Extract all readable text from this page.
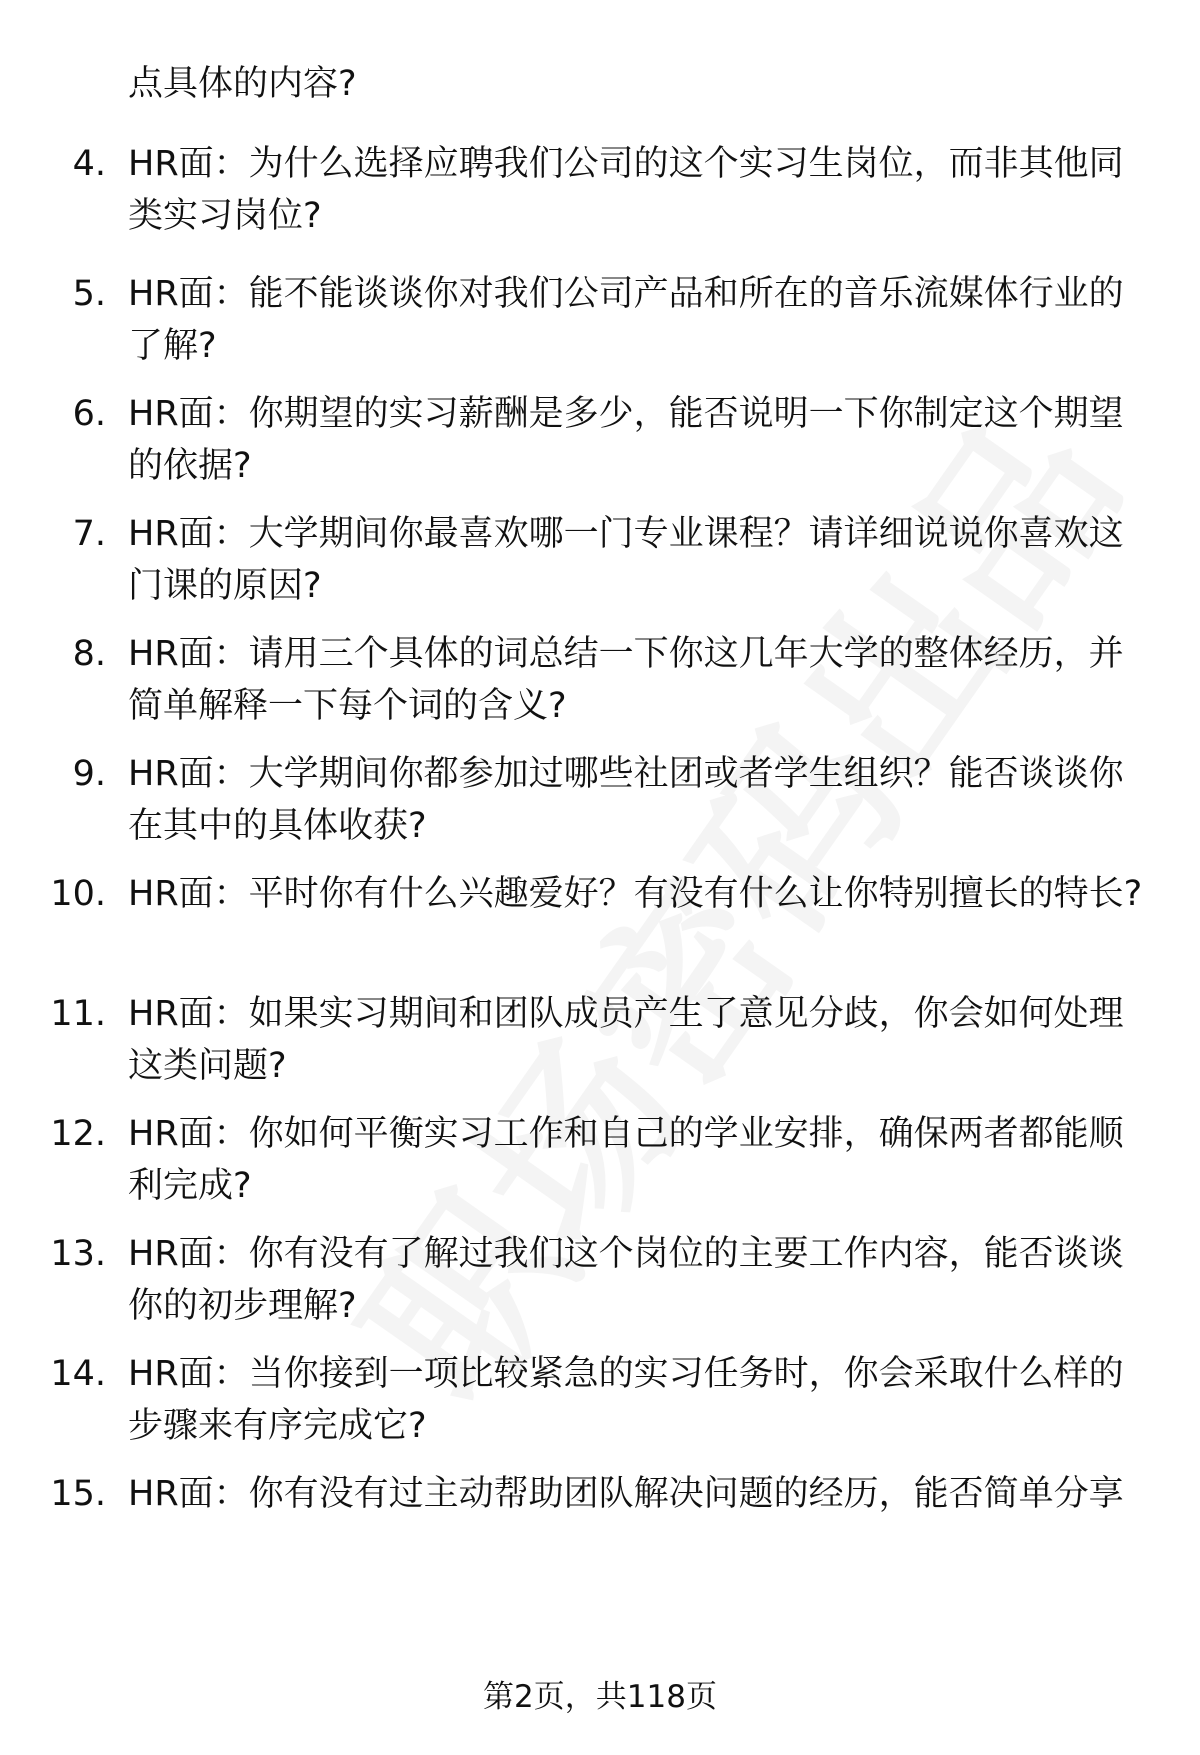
点具体的内容?
4. HR面：为什么选择应聘我们公司的这个实习生岗位，而非其他同类实习岗位?
5. HR面：能不能谈谈你对我们公司产品和所在的音乐流媒体行业的了解?
6. HR面：你期望的实习薪酬是多少，能否说明一下你制定这个期望的依据?
7. HR面：大学期间你最喜欢哪一门专业课程？请详细说说你喜欢这门课的原因?
8. HR面：请用三个具体的词总结一下你这几年大学的整体经历，并简单解释一下每个词的含义?
9. HR面：大学期间你都参加过哪些社团或者学生组织？能否谈谈你在其中的具体收获?
10. HR面：平时你有什么兴趣爱好？有没有什么让你特别擅长的特长?
11. HR面：如果实习期间和团队成员产生了意见分歧，你会如何处理这类问题?
12. HR面：你如何平衡实习工作和自己的学业安排，确保两者都能顺利完成?
13. HR面：你有没有了解过我们这个岗位的主要工作内容，能否谈谈你的初步理解?
14. HR面：当你接到一项比较紧急的实习任务时，你会采取什么样的步骤来有序完成它?
15. HR面：你有没有过主动帮助团队解决问题的经历，能否简单分享
第2页，共118页
